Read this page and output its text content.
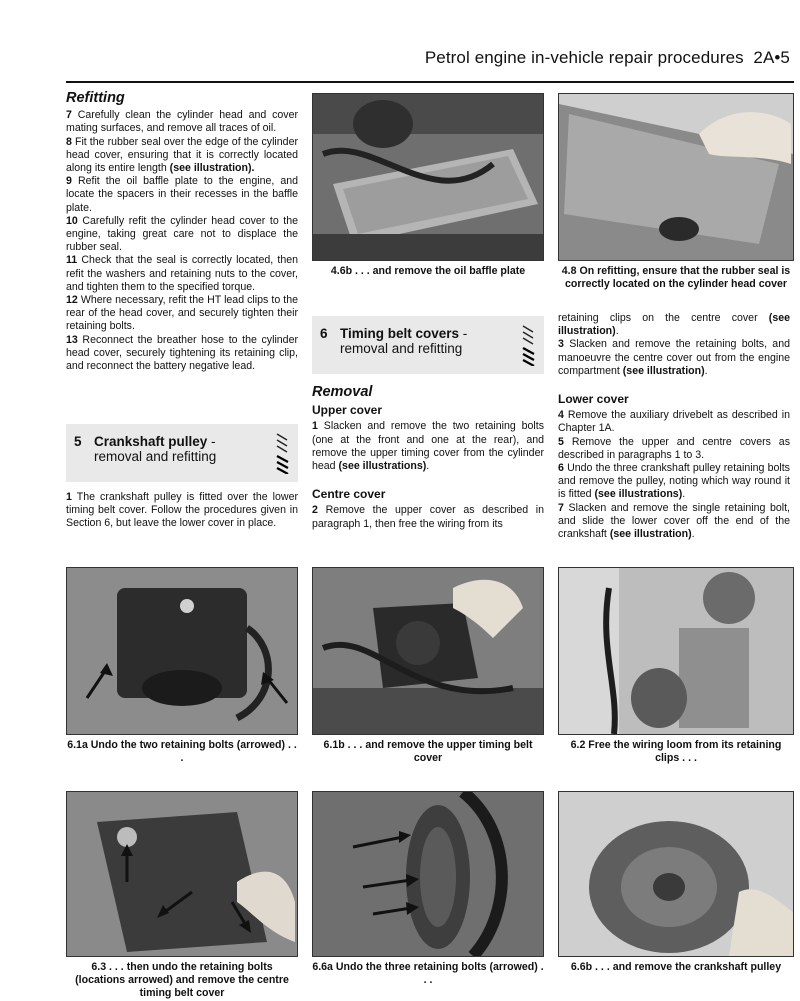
Petrol engine in-vehicle repair procedures 2A•5
Refitting

7 Carefully clean the cylinder head and cover mating surfaces, and remove all traces of oil.

8 Fit the rubber seal over the edge of the cylinder head cover, ensuring that it is correctly located along its entire length (see illustration).

9 Refit the oil baffle plate to the engine, and locate the spacers in their recesses in the baffle plate.

10 Carefully refit the cylinder head cover to the engine, taking great care not to displace the rubber seal.

11 Check that the seal is correctly located, then refit the washers and retaining nuts to the cover, and tighten them to the specified torque.

12 Where necessary, refit the HT lead clips to the rear of the head cover, and securely tighten their retaining bolts.

13 Reconnect the breather hose to the cylinder head cover, securely tightening its retaining clip, and reconnect the battery negative lead.

5 Crankshaft pulley -
removal and refitting

1 The crankshaft pulley is fitted over the lower timing belt cover. Follow the procedures given in Section 6, but leave the lower cover in place.

4.6b . . . and remove the oil baffle plate
6 Timing belt covers -
removal and refitting
Removal
Upper cover

1 Slacken and remove the two retaining bolts (one at the front and one at the rear), and remove the upper timing cover from the cylinder head (see illustrations).

Centre cover

2 Remove the upper cover as described in paragraph 1, then free the wiring from its

4.8 On refitting, ensure that the rubber seal is correctly located on the cylinder head cover

retaining clips on the centre cover (see illustration).

3 Slacken and remove the retaining bolts, and manoeuvre the centre cover out from the engine compartment (see illustration).

Lower cover

4 Remove the auxiliary drivebelt as described in Chapter 1A.

5 Remove the upper and centre covers as described in paragraphs 1 to 3.

6 Undo the three crankshaft pulley retaining bolts and remove the pulley, noting which way round it is fitted (see illustrations).

7 Slacken and remove the single retaining bolt, and slide the lower cover off the end of the crankshaft (see illustration).

6.1a Undo the two retaining bolts (arrowed) . . .
6.1b . . . and remove the upper timing belt cover
6.2 Free the wiring loom from its retaining clips . . .
6.3 . . . then undo the retaining bolts (locations arrowed) and remove the centre timing belt cover
6.6a Undo the three retaining bolts (arrowed) . . .
6.6b . . . and remove the crankshaft pulley
